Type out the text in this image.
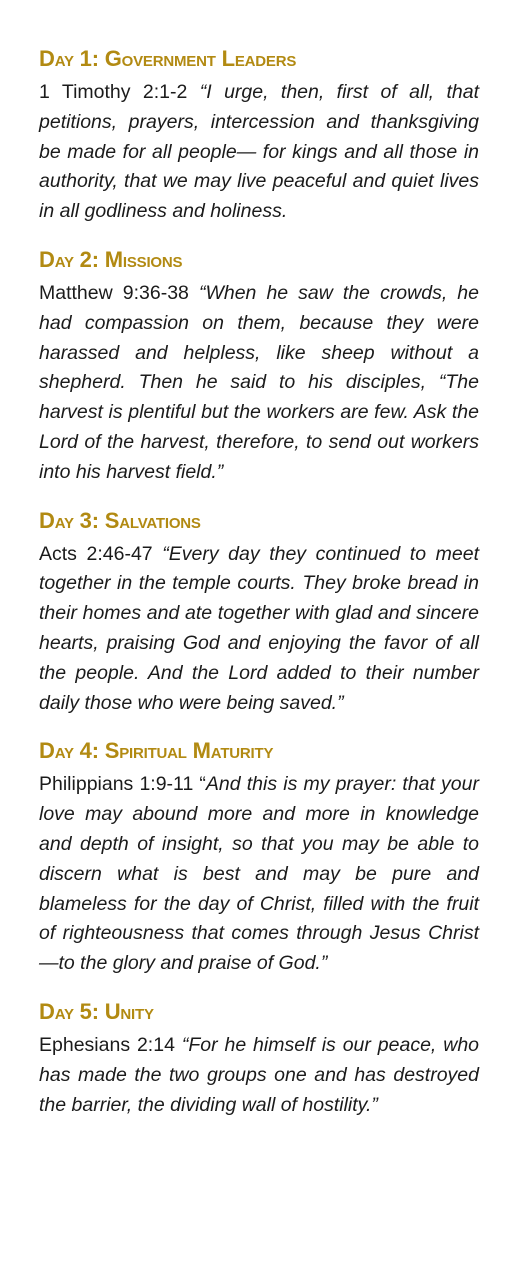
Day 1: Government Leaders

1 Timothy 2:1-2 “I urge, then, first of all, that petitions, prayers, intercession and thanksgiving be made for all people— for kings and all those in authority, that we may live peaceful and quiet lives in all godliness and holiness.

Day 2: Missions

Matthew 9:36-38 “When he saw the crowds, he had compassion on them, because they were harassed and helpless, like sheep without a shepherd. Then he said to his disciples, “The harvest is plentiful but the workers are few. Ask the Lord of the harvest, therefore, to send out workers into his harvest field.”

Day 3: Salvations

Acts 2:46-47 “Every day they continued to meet together in the temple courts. They broke bread in their homes and ate together with glad and sincere hearts, praising God and enjoying the favor of all the people. And the Lord added to their number daily those who were being saved.”

Day 4: Spiritual Maturity

Philippians 1:9-11 “And this is my prayer: that your love may abound more and more in knowledge and depth of insight, so that you may be able to discern what is best and may be pure and blameless for the day of Christ, filled with the fruit of righteousness that comes through Jesus Christ—to the glory and praise of God.”

Day 5: Unity

Ephesians 2:14 “For he himself is our peace, who has made the two groups one and has destroyed the barrier, the dividing wall of hostility.”
